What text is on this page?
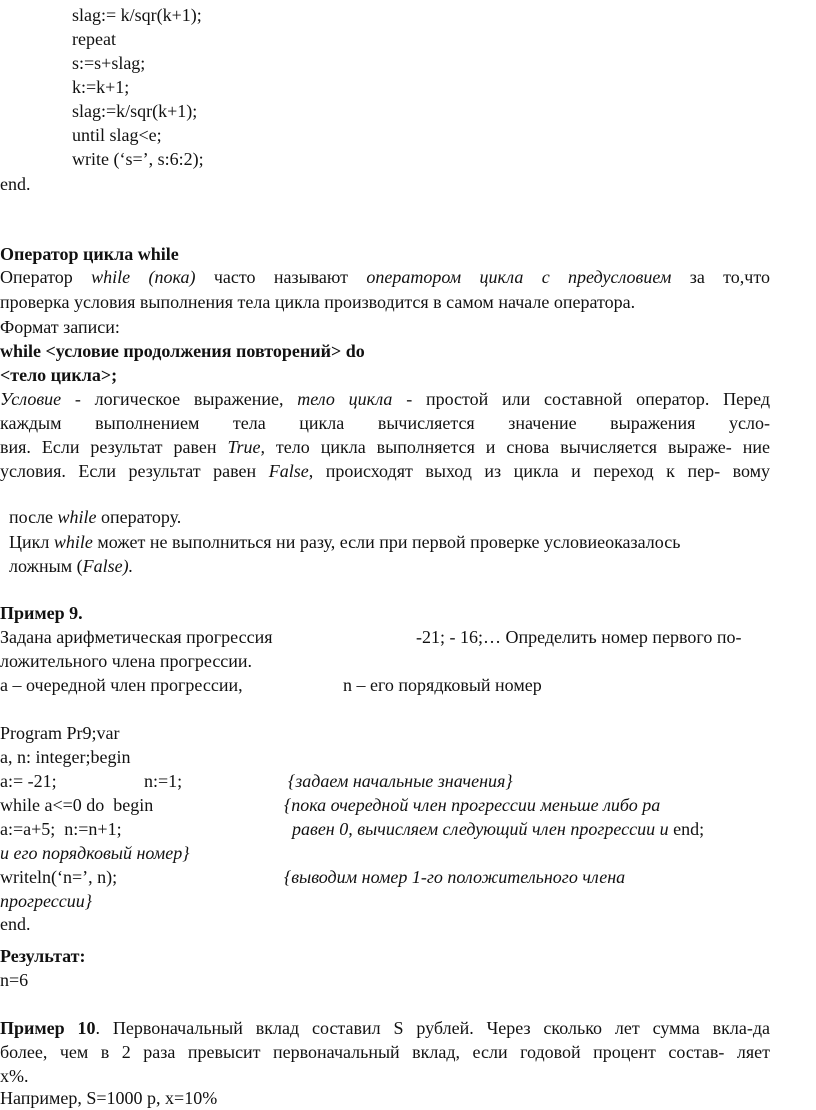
slag:= k/sqr(k+1);
repeat
s:=s+slag;
k:=k+1;
slag:=k/sqr(k+1);
until slag<e;
write (‘s=’, s:6:2);
end.
Оператор цикла while
Оператор while (пока) часто называют оператором цикла с предусловием за то,что
проверка условия выполнения тела цикла производится в самом начале оператора.
Формат записи:
while <условие продолжения повторений> do
<тело цикла>;
Условие - логическое выражение, тело цикла - простой или составной оператор. Перед
каждым выполнением тела цикла вычисляется значение выражения усло-
вия. Если результат равен True, тело цикла выполняется и снова вычисляется выраже- ние
условия. Если результат равен False, происходят выход из цикла и переход к пер- вому

после while оператору.

Цикл while может не выполниться ни разу, если при первой проверке условиеоказалось

ложным (False).

Пример 9.
Задана арифметическая прогрессия	-21; - 16;… Определить номер первого по-
ложительного члена прогрессии.
а – очередной член прогрессии,	n – его порядковый номер
Program Pr9;var
a, n: integer;begin
a:= -21;	n:=1;	{задаем начальные значения}
while a<=0 do  begin	{пока очередной член прогрессии меньше либо ра
a:=a+5;  n:=n+1;	равен 0, вычисляем следующий член прогрессии и end;
и его порядковый номер}
writeln(‘n=’, n);	{выводим номер 1-го положительного члена
прогрессии}
end.
Результат:
n=6
Пример 10. Первоначальный вклад составил S рублей. Через сколько лет сумма вкла-да
более, чем в 2 раза превысит первоначальный вклад, если годовой процент состав- ляет
x%.
Например, S=1000 р, x=10%
